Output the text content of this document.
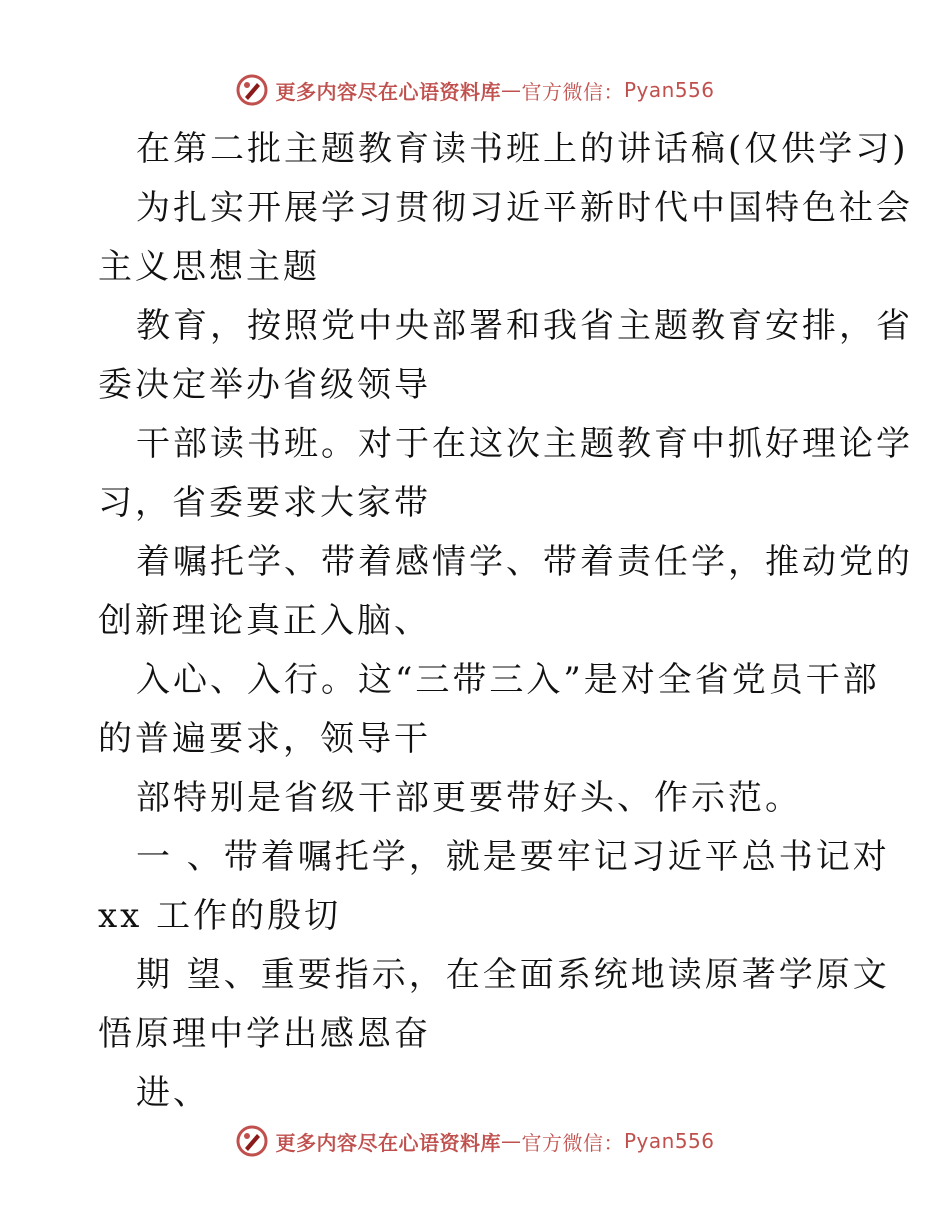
更多内容尽在心语资料库 — 官方微信： Pyan556
在第二批主题教育读书班上的讲话稿(仅供学习)
为扎实开展学习贯彻习近平新时代中国特色社会
主义思想主题
教育，按照党中央部署和我省主题教育安排，省
委决定举办省级领导
干部读书班。对于在这次主题教育中抓好理论学
习，省委要求大家带
着嘱托学、带着感情学、带着责任学，推动党的
创新理论真正入脑、
入心、入行。这“三带三入”是对全省党员干部
的普遍要求，领导干
部特别是省级干部更要带好头、作示范。
一 、带着嘱托学，就是要牢记习近平总书记对
xx 工作的殷切
期 望、重要指示，在全面系统地读原著学原文
悟原理中学出感恩奋
进、
更多内容尽在心语资料库 — 官方微信： Pyan556
